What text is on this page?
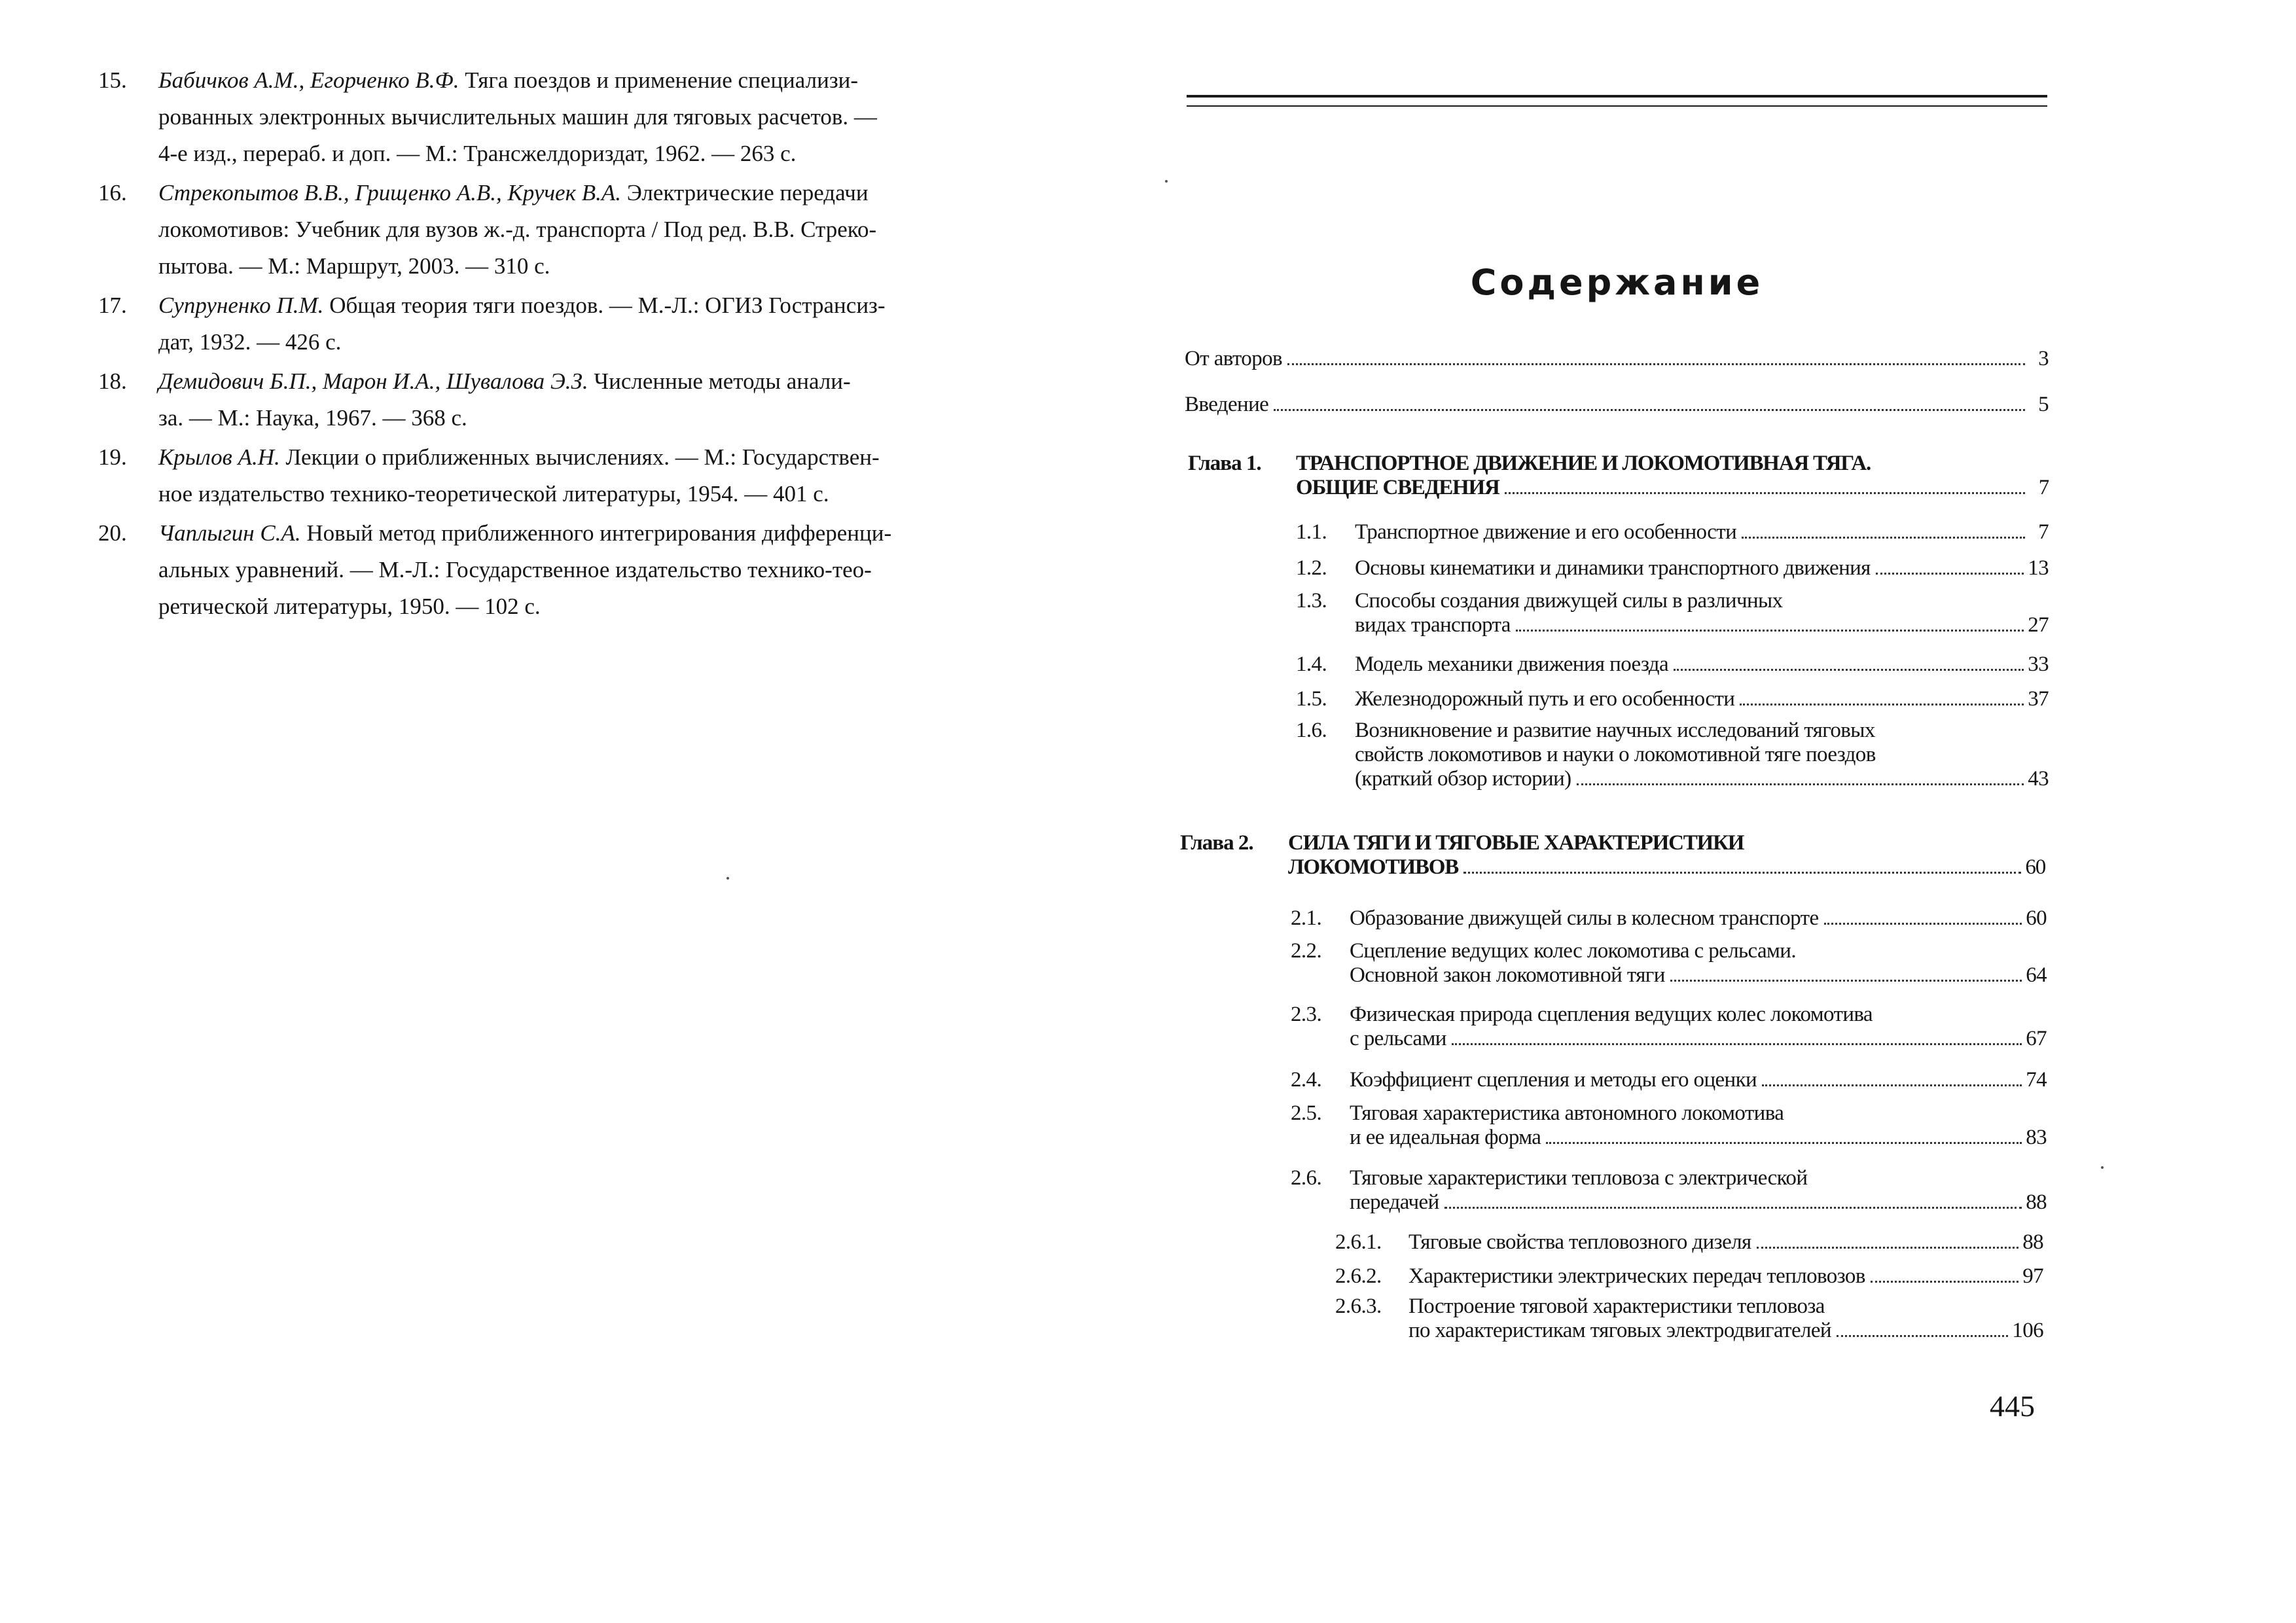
15.	Бабичков А.М., Егорченко В.Ф. Тяга поездов и применение специализи-
рованных электронных вычислительных машин для тяговых расчетов. —
4-е изд., перераб. и доп. — М.: Трансжелдориздат, 1962. — 263 с.
16.	Стрекопытов В.В., Грищенко А.В., Кручек В.А. Электрические передачи
локомотивов: Учебник для вузов ж.-д. транспорта / Под ред. В.В. Стреко-
пытова. — М.: Маршрут, 2003. — 310 с.
17.	Супруненко П.М. Общая теория тяги поездов. — М.-Л.: ОГИЗ Гострансиз-
дат, 1932. — 426 с.
18.	Демидович Б.П., Марон И.А., Шувалова Э.З. Численные методы анали-
за. — М.: Наука, 1967. — 368 с.
19.	Крылов А.Н. Лекции о приближенных вычислениях. — М.: Государствен-
ное издательство технико-теоретической литературы, 1954. — 401 с.
20.	Чаплыгин С.А. Новый метод приближенного интегрирования дифференци-
альных уравнений. — М.-Л.: Государственное издательство технико-тео-
ретической литературы, 1950. — 102 с.
Содержание
От авторов	3
Введение	5
Глава 1. ТРАНСПОРТНОЕ ДВИЖЕНИЕ И ЛОКОМОТИВНАЯ ТЯГА.
ОБЩИЕ СВЕДЕНИЯ	7
1.1.	Транспортное движение и его особенности	7
1.2.	Основы кинематики и динамики транспортного движения	13
1.3.	Способы создания движущей силы в различных
видах транспорта	27
1.4.	Модель механики движения поезда	33
1.5.	Железнодорожный путь и его особенности	37
1.6.	Возникновение и развитие научных исследований тяговых
свойств локомотивов и науки о локомотивной тяге поездов
(краткий обзор истории)	43
Глава 2. СИЛА ТЯГИ И ТЯГОВЫЕ ХАРАКТЕРИСТИКИ
ЛОКОМОТИВОВ	60
2.1.	Образование движущей силы в колесном транспорте	60
2.2.	Сцепление ведущих колес локомотива с рельсами.
Основной закон локомотивной тяги	64
2.3.	Физическая природа сцепления ведущих колес локомотива
с рельсами	67
2.4.	Коэффициент сцепления и методы его оценки	74
2.5.	Тяговая характеристика автономного локомотива
и ее идеальная форма	83
2.6.	Тяговые характеристики тепловоза с электрической
передачей	88
2.6.1.	Тяговые свойства тепловозного дизеля	88
2.6.2.	Характеристики электрических передач тепловозов	97
2.6.3.	Построение тяговой характеристики тепловоза
по характеристикам тяговых электродвигателей	106
445
